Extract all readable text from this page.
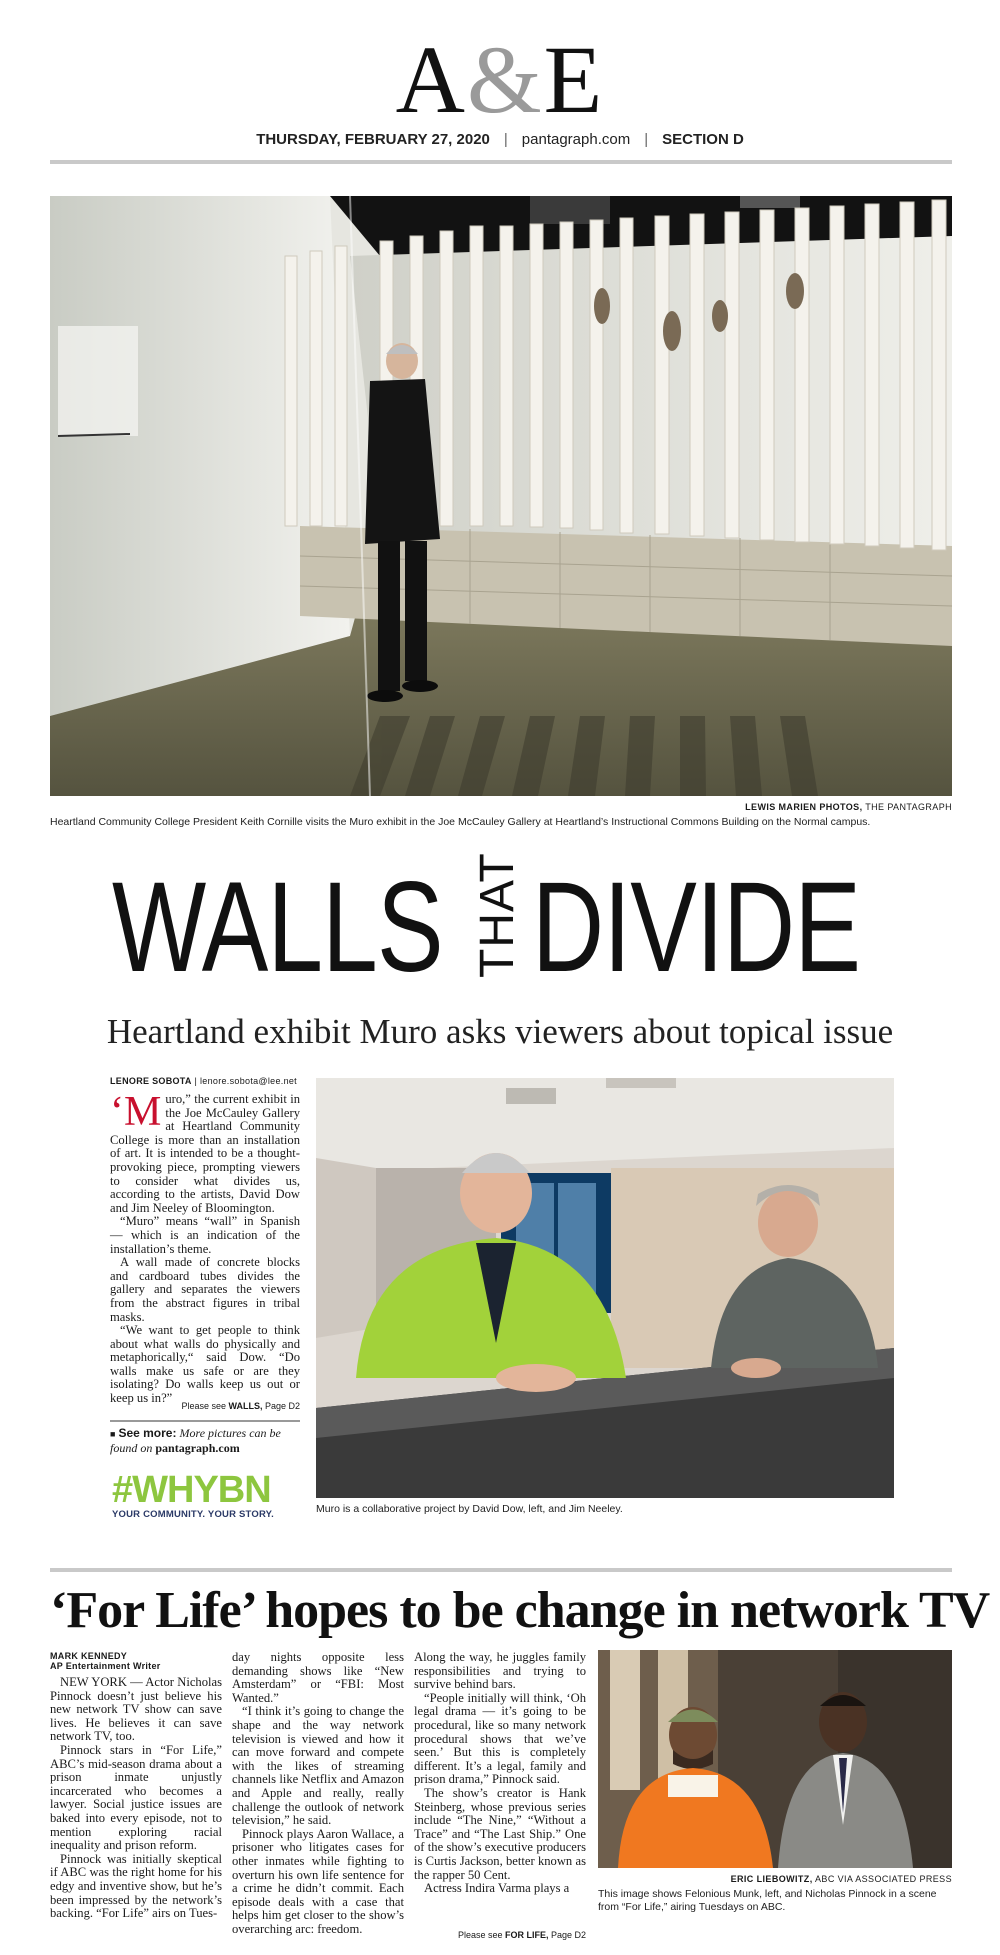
A&E
THURSDAY, FEBRUARY 27, 2020 | pantagraph.com | SECTION D
LEWIS MARIEN PHOTOS, THE PANTAGRAPH
Heartland Community College President Keith Cornille visits the Muro exhibit in the Joe McCauley Gallery at Heartland’s Instructional Commons Building on the Normal campus.
WALLS THAT DIVIDE
Heartland exhibit Muro asks viewers about topical issue
LENORE SOBOTA | lenore.sobota@lee.net

‘Muro,” the current exhibit in the Joe McCauley Gallery at Heartland Community College is more than an installation of art. It is intended to be a thought-provoking piece, prompting viewers to consider what divides us, according to the artists, David Dow and Jim Neeley of Bloomington.

“Muro” means “wall” in Spanish — which is an indication of the installation’s theme.

A wall made of concrete blocks and cardboard tubes divides the gallery and separates the viewers from the abstract figures in tribal masks.

“We want to get people to think about what walls do physically and metaphorically,“ said Dow. “Do walls make us safe or are they isolating? Do walls keep us out or keep us in?”

Please see WALLS, Page D2
■ See more: More pictures can be found on pantagraph.com
#WHYBN
YOUR COMMUNITY. YOUR STORY.	Muro is a collaborative project by David Dow, left, and Jim Neeley.
‘For Life’ hopes to be change in network TV
MARK KENNEDY
AP Entertainment Writer

NEW YORK — Actor Nicholas Pinnock doesn’t just believe his new network TV show can save lives. He believes it can save network TV, too.

Pinnock stars in “For Life,” ABC’s mid-season drama about a prison inmate unjustly incarcerated who becomes a lawyer. Social justice issues are baked into every episode, not to mention exploring racial inequality and prison reform.

Pinnock was initially skeptical if ABC was the right home for his edgy and inventive show, but he’s been impressed by the network’s backing. “For Life” airs on Tues-

day nights opposite less demanding shows like “New Amsterdam” or “FBI: Most Wanted.”

“I think it’s going to change the shape and the way network television is viewed and how it can move forward and compete with the likes of streaming channels like Netflix and Amazon and Apple and really, really challenge the outlook of network television,” he said.

Pinnock plays Aaron Wallace, a prisoner who litigates cases for other inmates while fighting to overturn his own life sentence for a crime he didn’t commit. Each episode deals with a case that helps him get closer to the show’s overarching arc: freedom.

Along the way, he juggles family responsibilities and trying to survive behind bars.

“People initially will think, ‘Oh legal drama — it’s going to be procedural, like so many network procedural shows that we’ve seen.’ But this is completely different. It’s a legal, family and prison drama,” Pinnock said.

The show’s creator is Hank Steinberg, whose previous series include “The Nine,” “Without a Trace” and “The Last Ship.” One of the show’s executive producers is Curtis Jackson, better known as the rapper 50 Cent.

Actress Indira Varma plays a

Please see FOR LIFE, Page D2
ERIC LIEBOWITZ, ABC VIA ASSOCIATED PRESS
This image shows Felonious Munk, left, and Nicholas Pinnock in a scene from “For Life,” airing Tuesdays on ABC.
